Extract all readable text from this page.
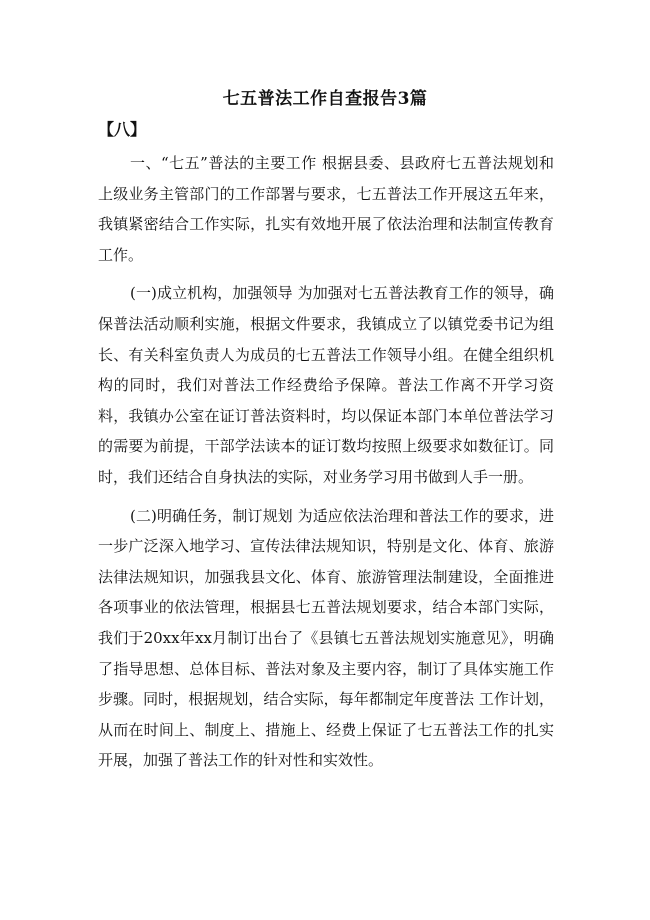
七五普法工作自查报告3篇
【八】

一、“七五”普法的主要工作 根据县委、县政府七五普法规划和上级业务主管部门的工作部署与要求，七五普法工作开展这五年来，我镇紧密结合工作实际，扎实有效地开展了依法治理和法制宣传教育工作。

(一)成立机构，加强领导 为加强对七五普法教育工作的领导，确保普法活动顺利实施，根据文件要求，我镇成立了以镇党委书记为组长、有关科室负责人为成员的七五普法工作领导小组。在健全组织机构的同时，我们对普法工作经费给予保障。普法工作离不开学习资料，我镇办公室在证订普法资料时，均以保证本部门本单位普法学习的需要为前提，干部学法读本的证订数均按照上级要求如数征订。同时，我们还结合自身执法的实际，对业务学习用书做到人手一册。

(二)明确任务，制订规划 为适应依法治理和普法工作的要求，进一步广泛深入地学习、宣传法律法规知识，特别是文化、体育、旅游法律法规知识，加强我县文化、体育、旅游管理法制建设，全面推进各项事业的依法管理，根据县七五普法规划要求，结合本部门实际，我们于20xx年xx月制订出台了《县镇七五普法规划实施意见》，明确了指导思想、总体目标、普法对象及主要内容，制订了具体实施工作步骤。同时，根据规划，结合实际，每年都制定年度普法 工作计划，从而在时间上、制度上、措施上、经费上保证了七五普法工作的扎实开展，加强了普法工作的针对性和实效性。
